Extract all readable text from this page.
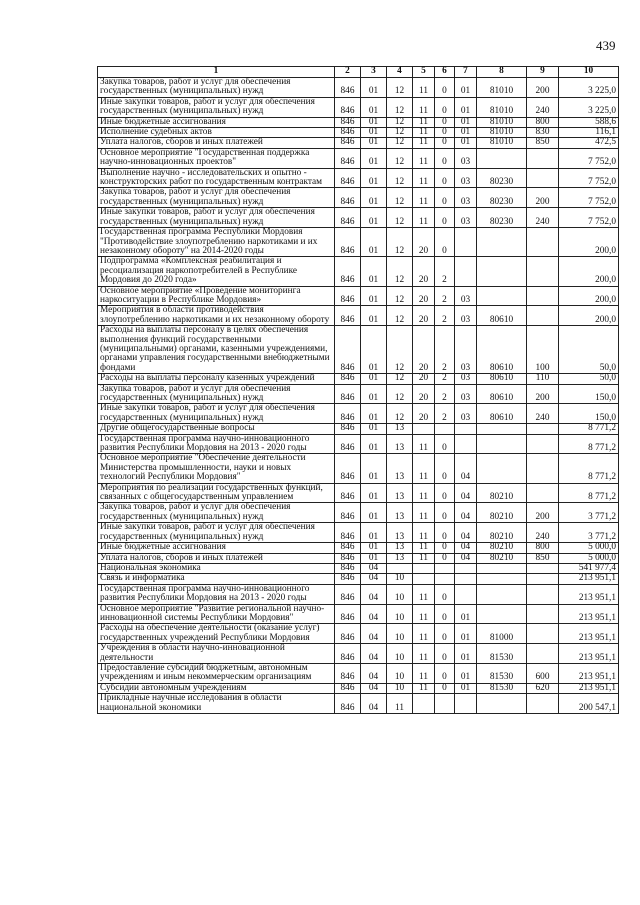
439
1	2	3	4	5	6	7	8	9	10
Закупка товаров, работ и услуг для обеспечения государственных (муниципальных) нужд	846	01	12	11	0	01	81010	200	3 225,0
Иные закупки товаров, работ и услуг для обеспечения государственных (муниципальных) нужд	846	01	12	11	0	01	81010	240	3 225,0
Иные бюджетные ассигнования	846	01	12	11	0	01	81010	800	588,6
Исполнение судебных актов	846	01	12	11	0	01	81010	830	116,1
Уплата налогов, сборов и иных платежей	846	01	12	11	0	01	81010	850	472,5
Основное мероприятие "Государственная поддержка научно-инновационных проектов"	846	01	12	11	0	03			7 752,0
Выполнение научно - исследовательских и опытно - конструкторских работ по государственным контрактам	846	01	12	11	0	03	80230		7 752,0
Закупка товаров, работ и услуг для обеспечения государственных (муниципальных) нужд	846	01	12	11	0	03	80230	200	7 752,0
Иные закупки товаров, работ и услуг для обеспечения государственных (муниципальных) нужд	846	01	12	11	0	03	80230	240	7 752,0
Государственная программа Республики Мордовия "Противодействие злоупотреблению наркотиками и их незаконному обороту" на 2014-2020 годы	846	01	12	20	0				200,0
Подпрограмма «Комплексная реабилитация и ресоциализация наркопотребителей в Республике Мордовия до 2020 года»	846	01	12	20	2				200,0
Основное мероприятие «Проведение мониторинга наркоситуации в Республике Мордовия»	846	01	12	20	2	03			200,0
Мероприятия в области противодействия злоупотреблению наркотиками и их незаконному обороту	846	01	12	20	2	03	80610		200,0
Расходы на выплаты персоналу в целях обеспечения выполнения функций государственными (муниципальными) органами, казенными учреждениями, органами управления государственными внебюджетными фондами	846	01	12	20	2	03	80610	100	50,0
Расходы на выплаты персоналу казенных учреждений	846	01	12	20	2	03	80610	110	50,0
Закупка товаров, работ и услуг для обеспечения государственных (муниципальных) нужд	846	01	12	20	2	03	80610	200	150,0
Иные закупки товаров, работ и услуг для обеспечения государственных (муниципальных) нужд	846	01	12	20	2	03	80610	240	150,0
Другие общегосударственные вопросы	846	01	13						8 771,2
Государственная программа научно-инновационного развития Республики Мордовия на 2013 - 2020 годы	846	01	13	11	0				8 771,2
Основное мероприятие "Обеспечение деятельности Министерства промышленности, науки и новых технологий Республики Мордовия"	846	01	13	11	0	04			8 771,2
Мероприятия по реализации государственных функций, связанных с общегосударственным управлением	846	01	13	11	0	04	80210		8 771,2
Закупка товаров, работ и услуг для обеспечения государственных (муниципальных) нужд	846	01	13	11	0	04	80210	200	3 771,2
Иные закупки товаров, работ и услуг для обеспечения государственных (муниципальных) нужд	846	01	13	11	0	04	80210	240	3 771,2
Иные бюджетные ассигнования	846	01	13	11	0	04	80210	800	5 000,0
Уплата налогов, сборов и иных платежей	846	01	13	11	0	04	80210	850	5 000,0
Национальная экономика	846	04							541 977,4
Связь и информатика	846	04	10						213 951,1
Государственная программа научно-инновационного развития Республики Мордовия на 2013 - 2020 годы	846	04	10	11	0				213 951,1
Основное мероприятие "Развитие региональной научно-инновационной системы Республики Мордовия"	846	04	10	11	0	01			213 951,1
Расходы на обеспечение деятельности (оказание услуг) государственных учреждений Республики Мордовия	846	04	10	11	0	01	81000		213 951,1
Учреждения в области научно-инновационной деятельности	846	04	10	11	0	01	81530		213 951,1
Предоставление субсидий бюджетным, автономным учреждениям и иным некоммерческим организациям	846	04	10	11	0	01	81530	600	213 951,1
Субсидии автономным учреждениям	846	04	10	11	0	01	81530	620	213 951,1
Прикладные научные исследования в области национальной экономики	846	04	11						200 547,1
